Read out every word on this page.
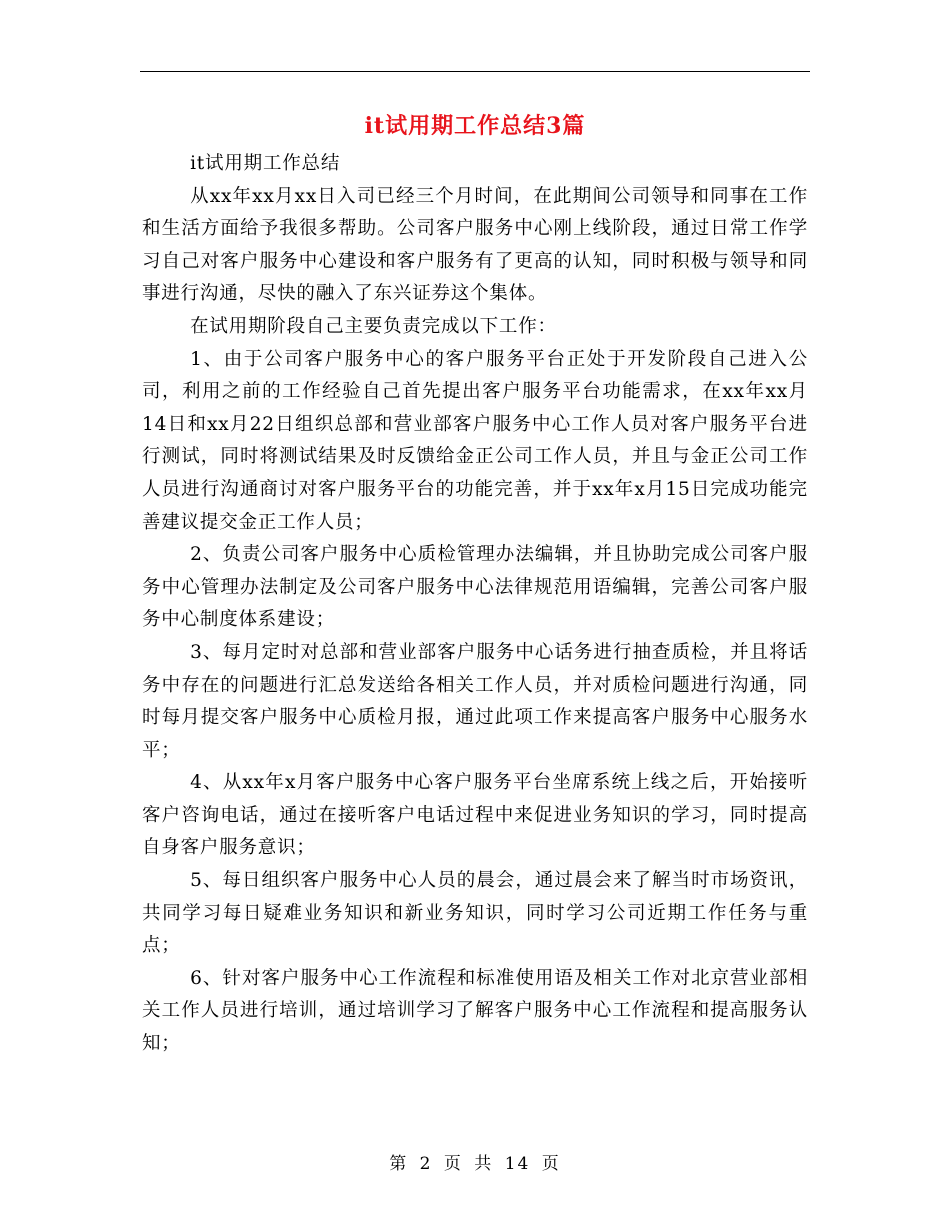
it试用期工作总结3篇

it试用期工作总结

从xx年xx月xx日入司已经三个月时间，在此期间公司领导和同事在工作和生活方面给予我很多帮助。公司客户服务中心刚上线阶段，通过日常工作学习自己对客户服务中心建设和客户服务有了更高的认知，同时积极与领导和同事进行沟通，尽快的融入了东兴证券这个集体。

在试用期阶段自己主要负责完成以下工作：

1、由于公司客户服务中心的客户服务平台正处于开发阶段自己进入公司，利用之前的工作经验自己首先提出客户服务平台功能需求，在xx年xx月14日和xx月22日组织总部和营业部客户服务中心工作人员对客户服务平台进行测试，同时将测试结果及时反馈给金正公司工作人员，并且与金正公司工作人员进行沟通商讨对客户服务平台的功能完善，并于xx年x月15日完成功能完善建议提交金正工作人员；

2、负责公司客户服务中心质检管理办法编辑，并且协助完成公司客户服务中心管理办法制定及公司客户服务中心法律规范用语编辑，完善公司客户服务中心制度体系建设；

3、每月定时对总部和营业部客户服务中心话务进行抽查质检，并且将话务中存在的问题进行汇总发送给各相关工作人员，并对质检问题进行沟通，同时每月提交客户服务中心质检月报，通过此项工作来提高客户服务中心服务水平；

4、从xx年x月客户服务中心客户服务平台坐席系统上线之后，开始接听客户咨询电话，通过在接听客户电话过程中来促进业务知识的学习，同时提高自身客户服务意识；

5、每日组织客户服务中心人员的晨会，通过晨会来了解当时市场资讯，共同学习每日疑难业务知识和新业务知识，同时学习公司近期工作任务与重点；

6、针对客户服务中心工作流程和标准使用语及相关工作对北京营业部相关工作人员进行培训，通过培训学习了解客户服务中心工作流程和提高服务认知；

第 2 页 共 14 页
